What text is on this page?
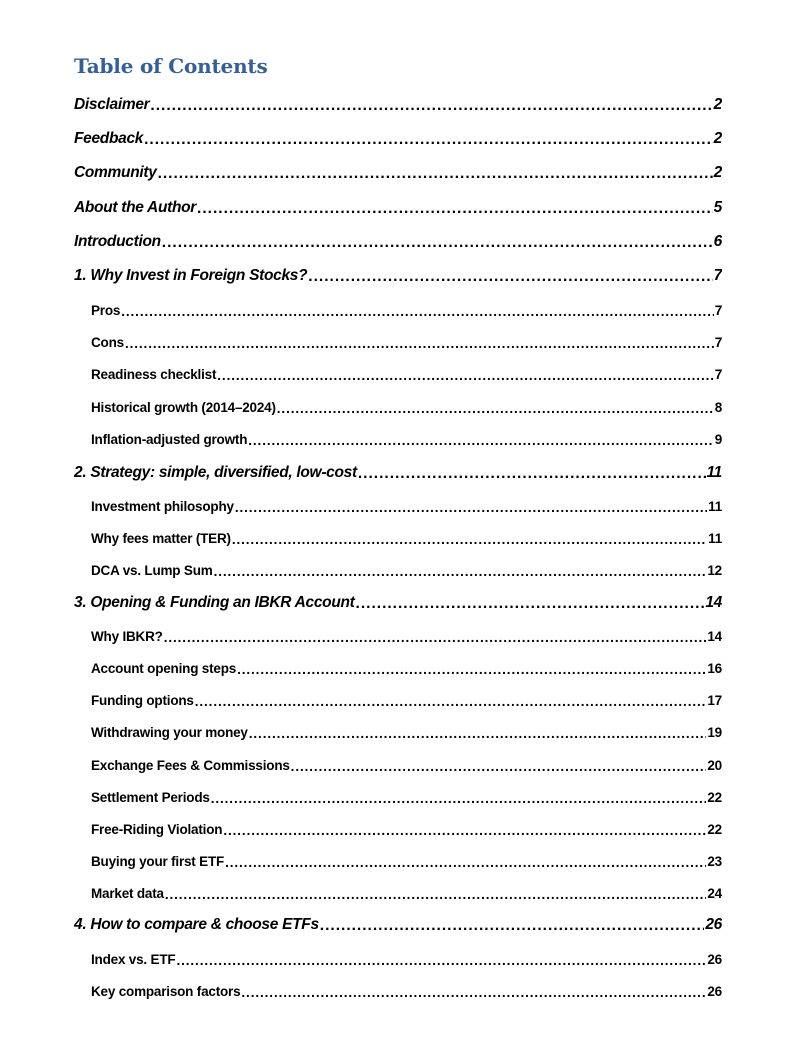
Table of Contents
Disclaimer .....	2
Feedback .....	2
Community .....	2
About the Author .....	5
Introduction .....	6
1. Why Invest in Foreign Stocks? .....	7
Pros .....	7
Cons .....	7
Readiness checklist .....	7
Historical growth (2014–2024) .....	8
Inflation-adjusted growth .....	9
2. Strategy: simple, diversified, low-cost .....	11
Investment philosophy .....	11
Why fees matter (TER) .....	11
DCA vs. Lump Sum .....	12
3. Opening & Funding an IBKR Account .....	14
Why IBKR? .....	14
Account opening steps .....	16
Funding options .....	17
Withdrawing your money .....	19
Exchange Fees & Commissions .....	20
Settlement Periods .....	22
Free-Riding Violation .....	22
Buying your first ETF .....	23
Market data .....	24
4. How to compare & choose ETFs .....	26
Index vs. ETF .....	26
Key comparison factors .....	26
